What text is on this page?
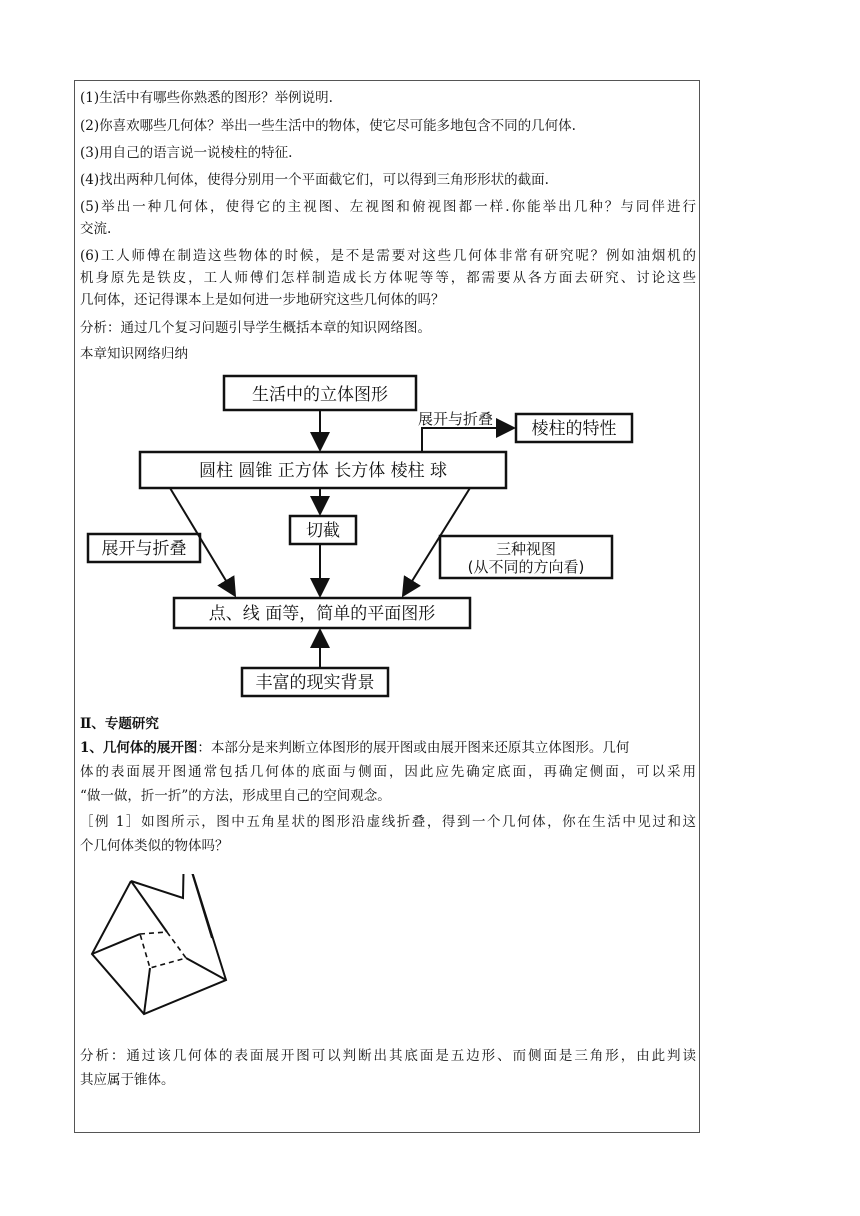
(1)生活中有哪些你熟悉的图形？举例说明.
(2)你喜欢哪些几何体？举出一些生活中的物体，使它尽可能多地包含不同的几何体.
(3)用自己的语言说一说棱柱的特征.
(4)找出两种几何体，使得分别用一个平面截它们，可以得到三角形形状的截面.
(5)举出一种几何体，使得它的主视图、左视图和俯视图都一样.你能举出几种？与同伴进行
交流.
(6)工人师傅在制造这些物体的时候，是不是需要对这些几何体非常有研究呢？例如油烟机的
机身原先是铁皮，工人师傅们怎样制造成长方体呢等等，都需要从各方面去研究、讨论这些
几何体，还记得课本上是如何进一步地研究这些几何体的吗？
分析：通过几个复习问题引导学生概括本章的知识网络图。
本章知识网络归纳
生活中的立体图形
展开与折叠 棱柱的特性
圆柱 圆锥 正方体 长方体 棱柱 球
切截
展开与折叠	三种视图
(从不同的方向看)
点、线 面等，简单的平面图形
丰富的现实背景
Ⅱ、专题研究
1、几何体的展开图：本部分是来判断立体图形的展开图或由展开图来还原其立体图形。几何
体的表面展开图通常包括几何体的底面与侧面，因此应先确定底面，再确定侧面，可以采用
“做一做，折一折”的方法，形成里自己的空间观念。
［例 1］如图所示，图中五角星状的图形沿虚线折叠，得到一个几何体，你在生活中见过和这
个几何体类似的物体吗？
分析：通过该几何体的表面展开图可以判断出其底面是五边形、而侧面是三角形，由此判读
其应属于锥体。
